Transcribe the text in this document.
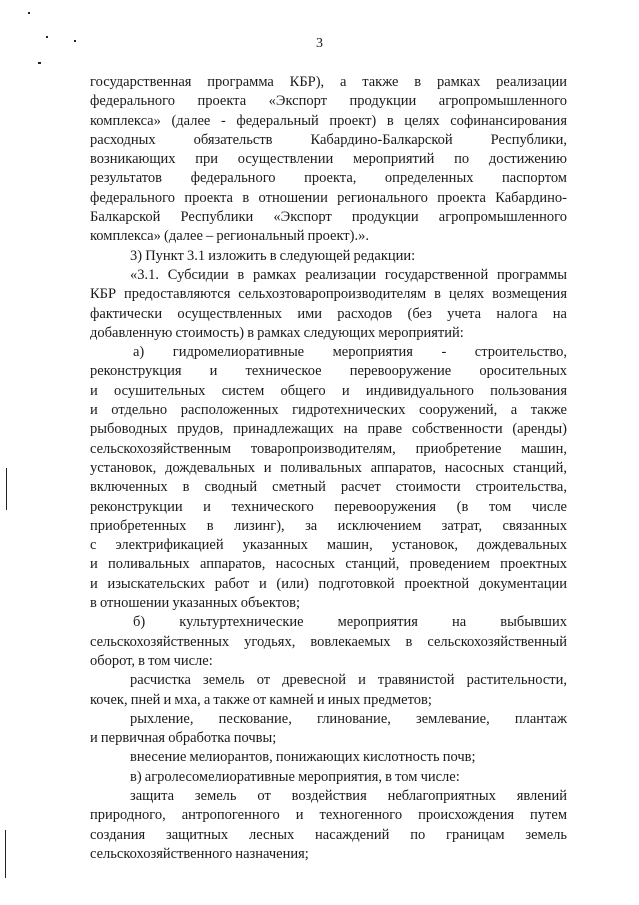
3
государственная программа КБР), а также в рамках реализации
федерального проекта «Экспорт продукции агропромышленного
комплекса» (далее - федеральный проект) в целях софинансирования
расходных обязательств Кабардино-Балкарской Республики,
возникающих при осуществлении мероприятий по достижению
результатов федерального проекта, определенных паспортом
федерального проекта в отношении регионального проекта Кабардино-
Балкарской Республики «Экспорт продукции агропромышленного
комплекса» (далее – региональный проект).».
3) Пункт 3.1 изложить в следующей редакции:
«3.1. Субсидии в рамках реализации государственной программы
КБР предоставляются сельхозтоваропроизводителям в целях возмещения
фактически осуществленных ими расходов (без учета налога на
добавленную стоимость) в рамках следующих мероприятий:
а) гидромелиоративные мероприятия - строительство,
реконструкция и техническое перевооружение оросительных
и осушительных систем общего и индивидуального пользования
и отдельно расположенных гидротехнических сооружений, а также
рыбоводных прудов, принадлежащих на праве собственности (аренды)
сельскохозяйственным товаропроизводителям, приобретение машин,
установок, дождевальных и поливальных аппаратов, насосных станций,
включенных в сводный сметный расчет стоимости строительства,
реконструкции и технического перевооружения (в том числе
приобретенных в лизинг), за исключением затрат, связанных
с электрификацией указанных машин, установок, дождевальных
и поливальных аппаратов, насосных станций, проведением проектных
и изыскательских работ и (или) подготовкой проектной документации
в отношении указанных объектов;
б) культуртехнические мероприятия на выбывших
сельскохозяйственных угодьях, вовлекаемых в сельскохозяйственный
оборот, в том числе:
расчистка земель от древесной и травянистой растительности,
кочек, пней и мха, а также от камней и иных предметов;
рыхление, пескование, глинование, землевание, плантаж
и первичная обработка почвы;
внесение мелиорантов, понижающих кислотность почв;
в) агролесомелиоративные мероприятия, в том числе:
защита земель от воздействия неблагоприятных явлений
природного, антропогенного и техногенного происхождения путем
создания защитных лесных насаждений по границам земель
сельскохозяйственного назначения;
